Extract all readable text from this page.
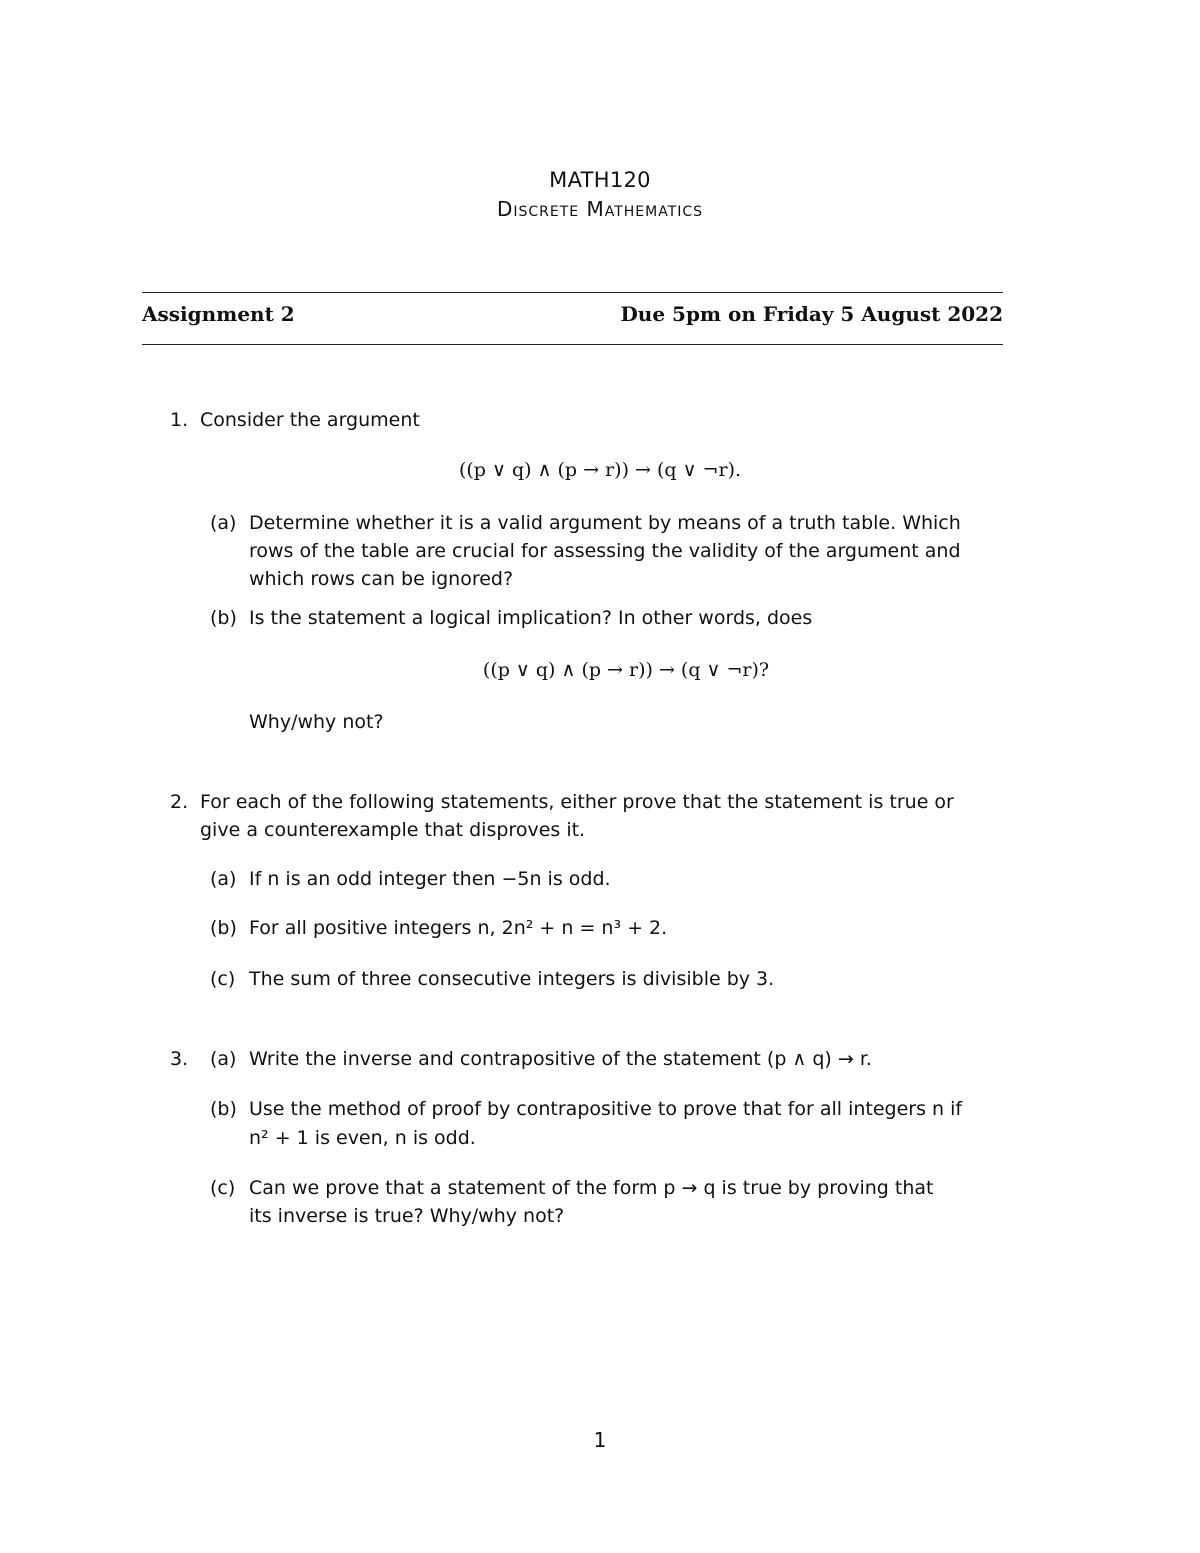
MATH120
Discrete Mathematics
Assignment 2	Due 5pm on Friday 5 August 2022
1. Consider the argument
((p ∨ q) ∧ (p → r)) → (q ∨ ¬r).
(a) Determine whether it is a valid argument by means of a truth table. Which
rows of the table are crucial for assessing the validity of the argument and
which rows can be ignored?
(b) Is the statement a logical implication? In other words, does
((p ∨ q) ∧ (p → r)) → (q ∨ ¬r)?
Why/why not?
2. For each of the following statements, either prove that the statement is true or
give a counterexample that disproves it.
(a) If n is an odd integer then −5n is odd.
(b) For all positive integers n, 2n² + n = n³ + 2.
(c) The sum of three consecutive integers is divisible by 3.
3. (a) Write the inverse and contrapositive of the statement (p ∧ q) → r.
(b) Use the method of proof by contrapositive to prove that for all integers n if
n² + 1 is even, n is odd.
(c) Can we prove that a statement of the form p → q is true by proving that
its inverse is true? Why/why not?
1
